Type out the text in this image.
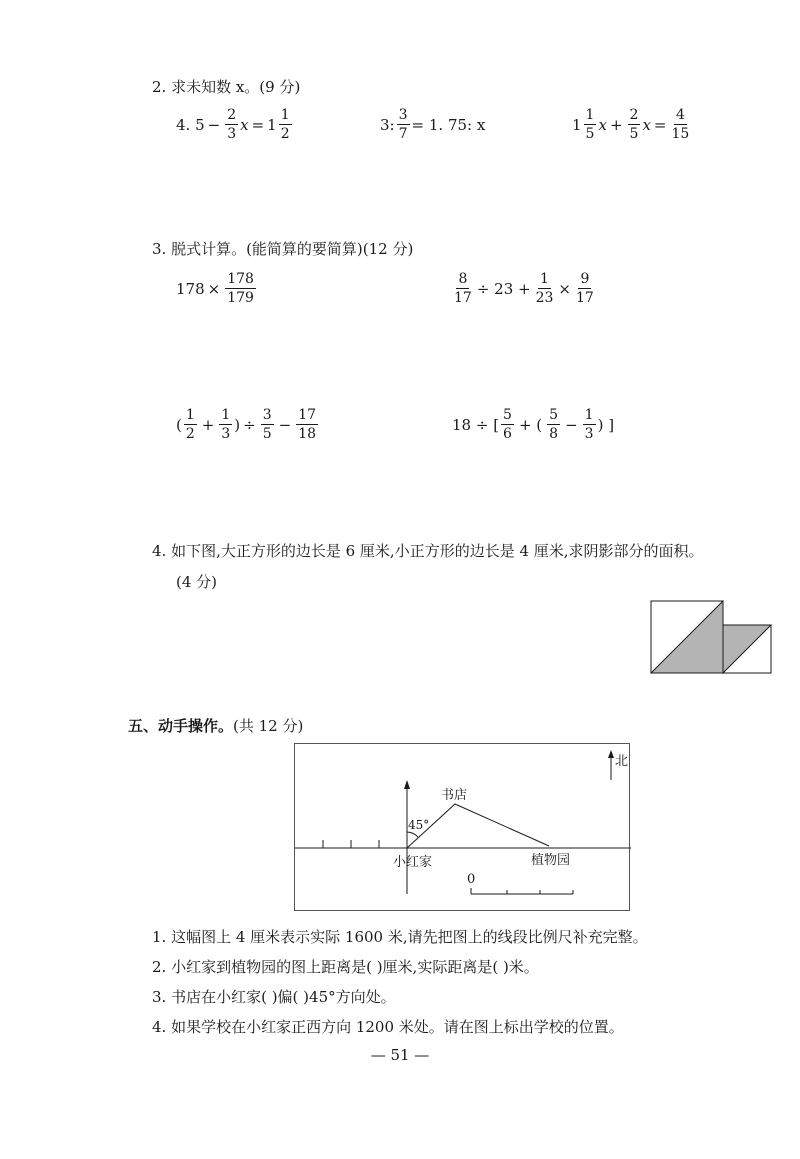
2. 求未知数 x。(9 分)
4. $5 - \frac{2}{3}$ $x = 1 \frac{1}{2}$	3: $\frac{3}{7} = 1$. 75: x	$1 \frac{1}{5}$ $x + \frac{2}{5}$ $x = \frac{4}{15}$
3. 脱式计算。(能简算的要简算)(12 分)
$178 \times \frac{178}{179}$	$\frac{8}{17} \div 23 + \frac{1}{23} \times \frac{9}{17}$
( $\frac{1}{2} + \frac{1}{3}$ ) ÷ $\frac{3}{5} - \frac{17}{18}$	18 ÷ [ $\frac{5}{6}$ + ( $\frac{5}{8} - \frac{1}{3}$ ) ]
4. 如下图,大正方形的边长是 6 厘米,小正方形的边长是 4 厘米,求阴影部分的面积。
(4 分)
五、动手操作。(共 12 分)
北
书店
45°
小红家	植物园
0
1. 这幅图上 4 厘米表示实际 1600 米,请先把图上的线段比例尺补充完整。
2. 小红家到植物园的图上距离是( )厘米,实际距离是( )米。
3. 书店在小红家( )偏( )45°方向处。
4. 如果学校在小红家正西方向 1200 米处。请在图上标出学校的位置。
— 51 —
